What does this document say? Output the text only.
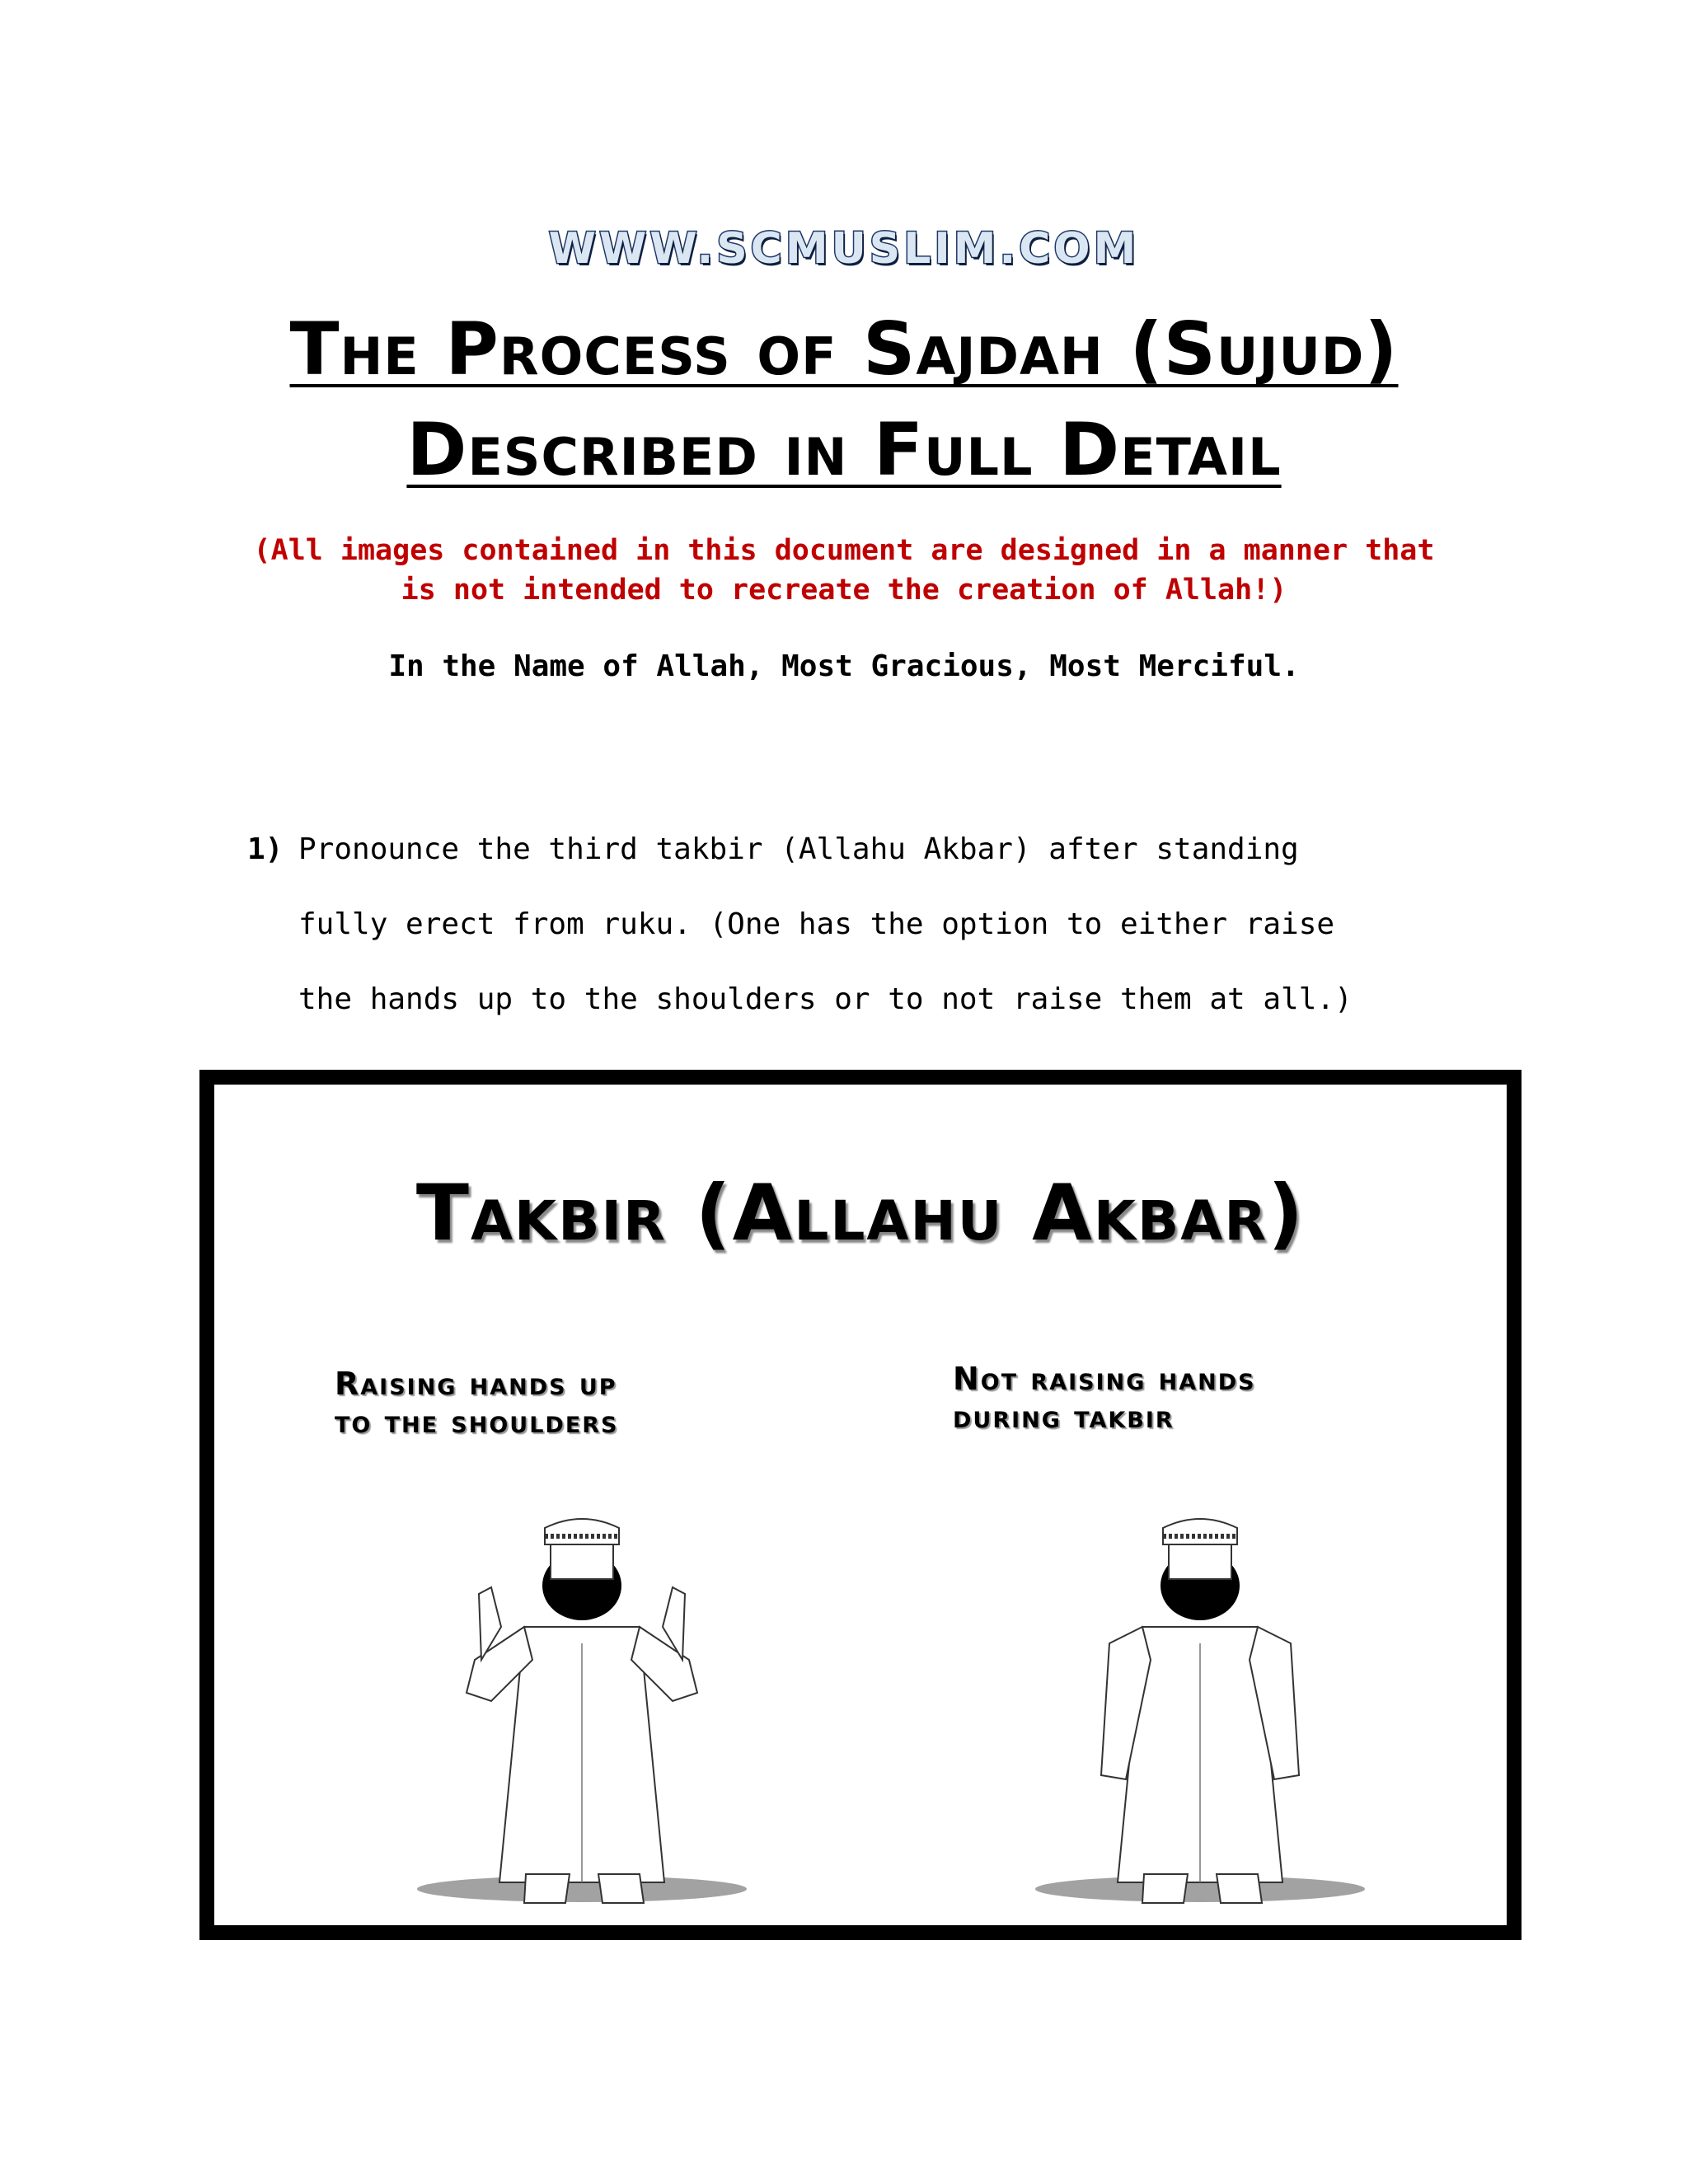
WWW.SCMUSLIM.COM
The Process of Sajdah (Sujud)
Described in Full Detail
(All images contained in this document are designed in a manner that
is not intended to recreate the creation of Allah!)
In the Name of Allah, Most Gracious, Most Merciful.
1) Pronounce the third takbir (Allahu Akbar) after standing
fully erect from ruku. (One has the option to either raise
the hands up to the shoulders or to not raise them at all.)
Takbir (Allahu Akbar)
Raising hands up
to the shoulders
Not raising hands
during takbir
